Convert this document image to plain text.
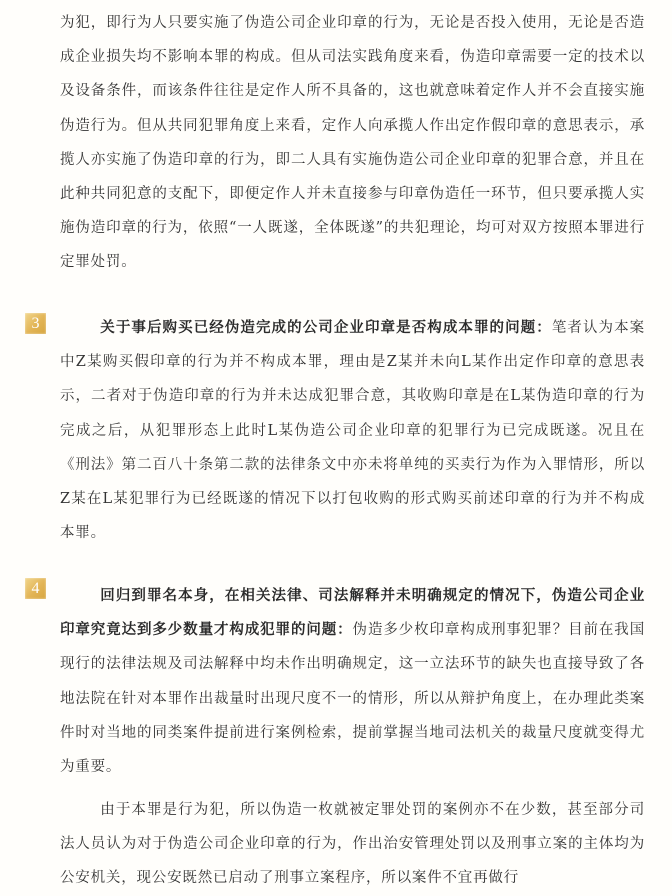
为犯，即行为人只要实施了伪造公司企业印章的行为，无论是否投入使用，无论是否造成企业损失均不影响本罪的构成。但从司法实践角度来看，伪造印章需要一定的技术以及设备条件，而该条件往往是定作人所不具备的，这也就意味着定作人并不会直接实施伪造行为。但从共同犯罪角度上来看，定作人向承揽人作出定作假印章的意思表示，承揽人亦实施了伪造印章的行为，即二人具有实施伪造公司企业印章的犯罪合意，并且在此种共同犯意的支配下，即便定作人并未直接参与印章伪造任一环节，但只要承揽人实施伪造印章的行为，依照“一人既遂，全体既遂”的共犯理论，均可对双方按照本罪进行定罪处罚。

3	关于事后购买已经伪造完成的公司企业印章是否构成本罪的问题：笔者认为本案中Z某购买假印章的行为并不构成本罪，理由是Z某并未向L某作出定作印章的意思表示，二者对于伪造印章的行为并未达成犯罪合意，其收购印章是在L某伪造印章的行为完成之后，从犯罪形态上此时L某伪造公司企业印章的犯罪行为已完成既遂。况且在《刑法》第二百八十条第二款的法律条文中亦未将单纯的买卖行为作为入罪情形，所以Z某在L某犯罪行为已经既遂的情况下以打包收购的形式购买前述印章的行为并不构成本罪。

4	回归到罪名本身，在相关法律、司法解释并未明确规定的情况下，伪造公司企业印章究竟达到多少数量才构成犯罪的问题：伪造多少枚印章构成刑事犯罪？目前在我国现行的法律法规及司法解释中均未作出明确规定，这一立法环节的缺失也直接导致了各地法院在针对本罪作出裁量时出现尺度不一的情形，所以从辩护角度上，在办理此类案件时对当地的同类案件提前进行案例检索，提前掌握当地司法机关的裁量尺度就变得尤为重要。

由于本罪是行为犯，所以伪造一枚就被定罪处罚的案例亦不在少数，甚至部分司法人员认为对于伪造公司企业印章的行为，作出治安管理处罚以及刑事立案的主体均为公安机关，现公安既然已启动了刑事立案程序，所以案件不宜再做行
